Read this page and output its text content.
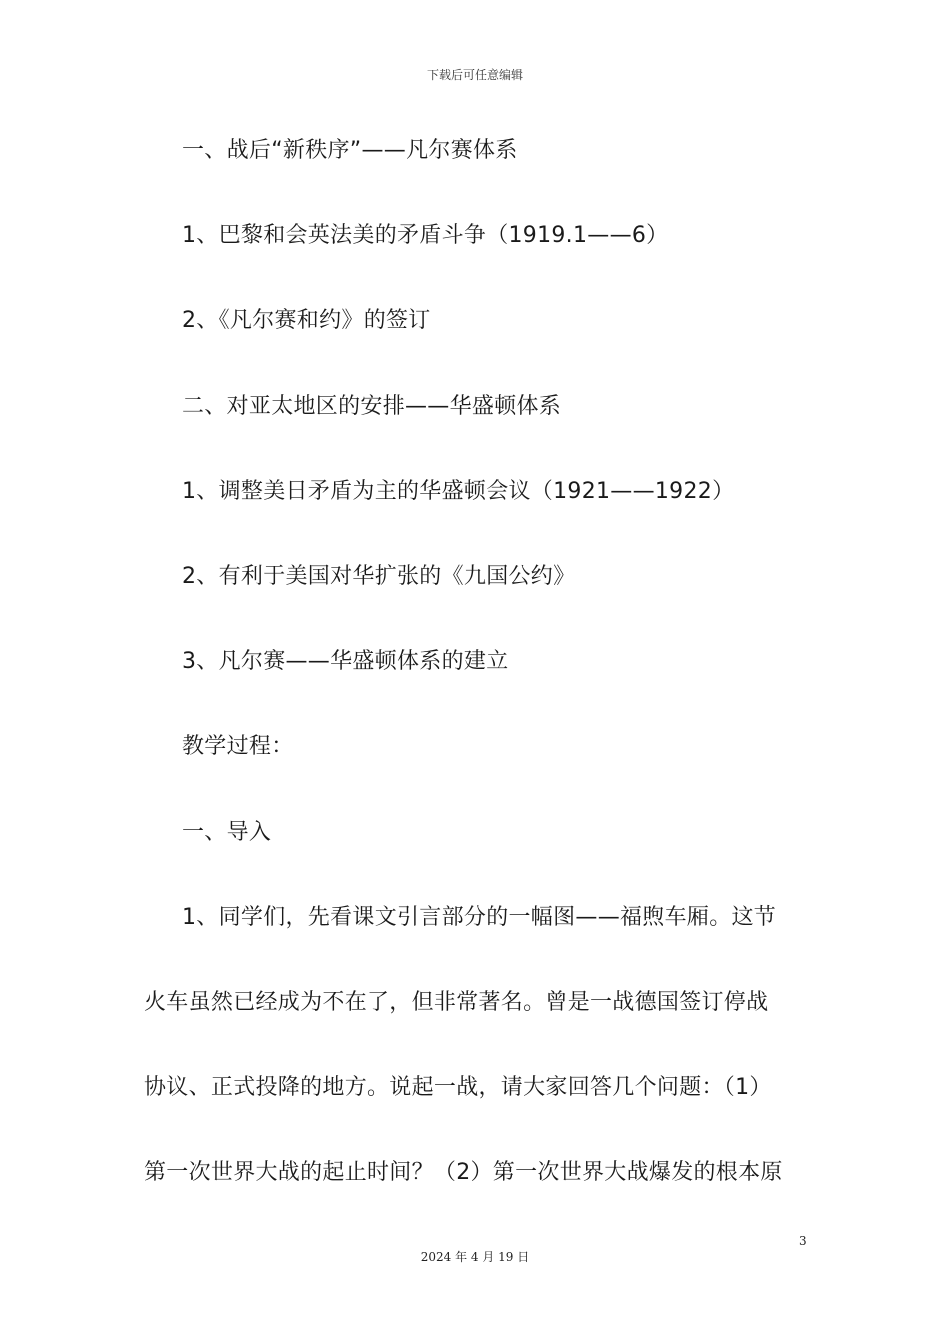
下载后可任意编辑
一、战后“新秩序”——凡尔赛体系
1、巴黎和会英法美的矛盾斗争（1919.1——6）
2、《凡尔赛和约》的签订
二、对亚太地区的安排——华盛顿体系
1、调整美日矛盾为主的华盛顿会议（1921——1922）
2、有利于美国对华扩张的《九国公约》
3、凡尔赛——华盛顿体系的建立
教学过程：
一、导入
1、同学们，先看课文引言部分的一幅图——福煦车厢。这节
火车虽然已经成为不在了，但非常著名。曾是一战德国签订停战
协议、正式投降的地方。说起一战，请大家回答几个问题：（1）
第一次世界大战的起止时间？（2）第一次世界大战爆发的根本原
3
2024 年 4 月 19 日
